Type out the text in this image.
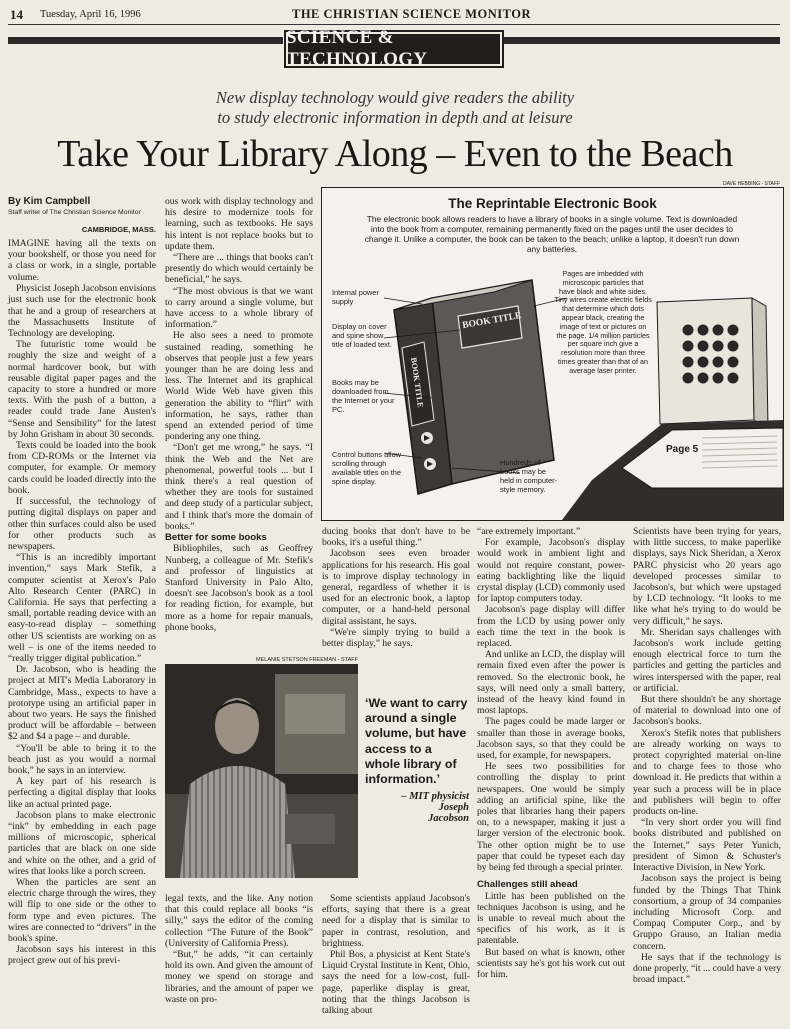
14 Tuesday, April 16, 1996	THE CHRISTIAN SCIENCE MONITOR
SCIENCE & TECHNOLOGY
New display technology would give readers the ability
to study electronic information in depth and at leisure
Take Your Library Along – Even to the Beach
By Kim Campbell
Staff writer of The Christian Science Monitor
CAMBRIDGE, MASS.

IMAGINE having all the texts on your bookshelf, or those you need for a class or work, in a single, portable volume.

Physicist Joseph Jacobson envisions just such use for the electronic book that he and a group of researchers at the Massachusetts Institute of Technology are developing.

The futuristic tome would be roughly the size and weight of a normal hardcover book, but with reusable digital paper pages and the capacity to store a hundred or more texts. With the push of a button, a reader could trade Jane Austen's “Sense and Sensibility” for the latest by John Grisham in about 30 seconds.

Texts could be loaded into the book from CD-ROMs or the Internet via computer, for example. Or memory cards could be loaded directly into the book.

If successful, the technology of putting digital displays on paper and other thin surfaces could also be used for other products such as newspapers.

“This is an incredibly important invention,” says Mark Stefik, a computer scientist at Xerox's Palo Alto Research Center (PARC) in California. He says that perfecting a small, portable reading device with an easy-to-read display – something other US scientists are working on as well – is one of the items needed to “really trigger digital publication.”

Dr. Jacobson, who is heading the project at MIT's Media Laboratory in Cambridge, Mass., expects to have a prototype using an artificial paper in about two years. He says the finished product will be affordable – between $2 and $4 a page – and durable.

“You'll be able to bring it to the beach just as you would a normal book,” he says in an interview.

A key part of his research is perfecting a digital display that looks like an actual printed page.

Jacobson plans to make electronic “ink” by embedding in each page millions of microscopic, spherical particles that are black on one side and white on the other, and a grid of wires that looks like a porch screen.

When the particles are sent an electric charge through the wires, they will flip to one side or the other to form type and even pictures. The wires are connected to “drivers” in the book's spine.

Jacobson says his interest in this project grew out of his previ-

ous work with display technology and his desire to modernize tools for learning, such as textbooks. He says his intent is not replace books but to update them.

“There are ... things that books can't presently do which would certainly be beneficial,” he says.

“The most obvious is that we want to carry around a single volume, but have access to a whole library of information.”

He also sees a need to promote sustained reading, something he observes that people just a few years younger than he are doing less and less. The Internet and its graphical World Wide Web have given this generation the ability to “flirt” with information, he says, rather than spend an extended period of time pondering any one thing.

“Don't get me wrong,” he says. “I think the Web and the Net are phenomenal, powerful tools ... but I think there's a real question of whether they are tools for sustained and deep study of a particular subject, and I think that's more the domain of books.”

Better for some books

Bibliophiles, such as Geoffrey Nunberg, a colleague of Mr. Stefik's and professor of linguistics at Stanford University in Palo Alto, doesn't see Jacobson's book as a tool for reading fiction, for example, but more as a home for repair manuals, phone books,

ducing books that don't have to be books, it's a useful thing.”

Jacobson sees even broader applications for his research. His goal is to improve display technology in general, regardless of whether it is used for an electronic book, a laptop computer, or a hand-held personal digital assistant, he says.

“We're simply trying to build a better display,” he says.

“are extremely important.”

For example, Jacobson's display would work in ambient light and would not require constant, power-eating backlighting like the liquid crystal display (LCD) commonly used for laptop computers today.

Jacobson's page display will differ from the LCD by using power only each time the text in the book is replaced.

And unlike an LCD, the display will remain fixed even after the power is removed. So the electronic book, he says, will need only a small battery, instead of the heavy kind found in most laptops.

The pages could be made larger or smaller than those in average books, Jacobson says, so that they could be used, for example, for newspapers.

He sees two possibilities for controlling the display to print newspapers. One would be simply adding an artificial spine, like the poles that libraries hang their papers on, to a newspaper, making it just a larger version of the electronic book. The other option might be to use paper that could be typeset each day by being fed through a special printer.

Challenges still ahead

Little has been published on the techniques Jacobson is using, and he is unable to reveal much about the specifics of his work, as it is patentable.

But based on what is known, other scientists say he's got his work cut out for him.

Scientists have been trying for years, with little success, to make paperlike displays, says Nick Sheridan, a Xerox PARC physicist who 20 years ago developed processes similar to Jacobson's, but which were upstaged by LCD technology. “It looks to me like what he's trying to do would be very difficult,” he says.

Mr. Sheridan says challenges with Jacobson's work include getting enough electrical force to turn the particles and getting the particles and wires interspersed with the paper, real or artificial.

But there shouldn't be any shortage of material to download into one of Jacobson's books.

Xerox's Stefik notes that publishers are already working on ways to protect copyrighted material on-line and to charge fees to those who download it. He predicts that within a year such a process will be in place and publishers will begin to offer products on-line.

“In very short order you will find books distributed and published on the Internet,” says Peter Yunich, president of Simon & Schuster's Interactive Division, in New York.

Jacobson says the project is being funded by the Things That Think consortium, a group of 34 companies including Microsoft Corp. and Compaq Computer Corp., and by Gruppo Grauso, an Italian media concern.

He says that if the technology is done properly, “it ... could have a very broad impact.”

legal texts, and the like. Any notion that this could replace all books “is silly,” says the editor of the coming collection “The Future of the Book” (University of California Press).

“But,” he adds, “it can certainly hold its own. And given the amount of money we spend on storage and libraries, and the amount of paper we waste on pro-

Some scientists applaud Jacobson's efforts, saying that there is a great need for a display that is similar to paper in contrast, resolution, and brightness.

Phil Bos, a physicist at Kent State's Liquid Crystal Institute in Kent, Ohio, says the need for a low-cost, full-page, paperlike display is great, noting that the things Jacobson is talking about

MELANIE STETSON FREEMAN - STAFF
‘We want to carry around a single volume, but have access to a whole library of information.’
– MIT physicist
Joseph
Jacobson
DAVE HEBBING - STAFF
The Reprintable Electronic Book
The electronic book allows readers to have a library of books in a single volume. Text is downloaded into the book from a computer, remaining permanently fixed on the pages until the user decides to change it. Unlike a computer, the book can be taken to the beach; unlike a laptop, it doesn't run down any batteries.
Internal power supply
Display on cover and spine show title of loaded text.
Books may be downloaded from the Internet or your PC.
Control buttons allow scrolling through available titles on the spine display.
Hundreds of books may be held in computer-style memory.
Pages are imbedded with microscopic particles that have black and white sides. Tiny wires create electric fields that determine which dots appear black, creating the image of text or pictures on the page. 1/4 million particles per square inch give a resolution more than three times greater than that of an average laser printer.
BOOK TITLE
BOOK TITLE
Page 5
